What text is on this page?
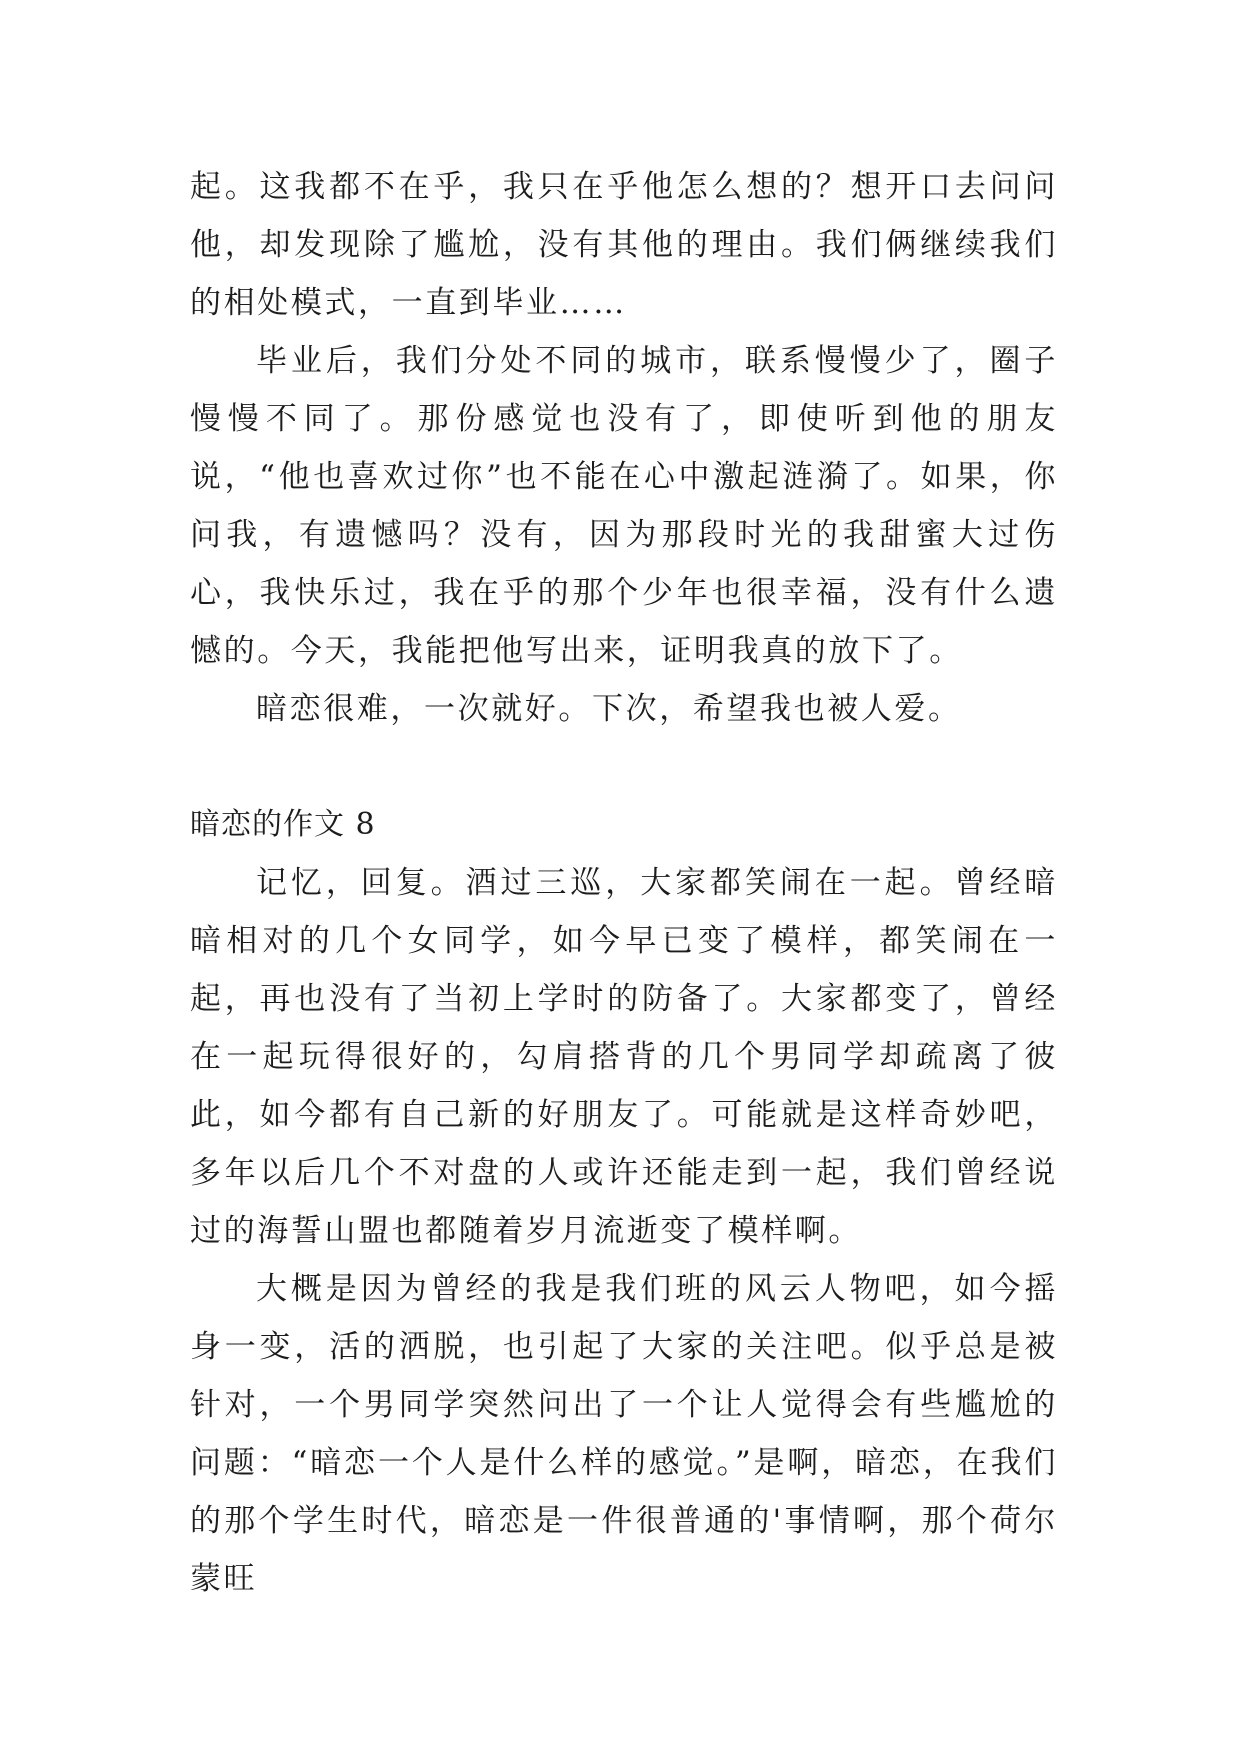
起。这我都不在乎，我只在乎他怎么想的？想开口去问问他，却发现除了尴尬，没有其他的理由。我们俩继续我们的相处模式，一直到毕业……

毕业后，我们分处不同的城市，联系慢慢少了，圈子慢慢不同了。那份感觉也没有了，即使听到他的朋友说，“他也喜欢过你”也不能在心中激起涟漪了。如果，你问我，有遗憾吗？没有，因为那段时光的我甜蜜大过伤心，我快乐过，我在乎的那个少年也很幸福，没有什么遗憾的。今天，我能把他写出来，证明我真的放下了。

暗恋很难，一次就好。下次，希望我也被人爱。

暗恋的作文 8

记忆，回复。酒过三巡，大家都笑闹在一起。曾经暗暗相对的几个女同学，如今早已变了模样，都笑闹在一起，再也没有了当初上学时的防备了。大家都变了，曾经在一起玩得很好的，勾肩搭背的几个男同学却疏离了彼此，如今都有自己新的好朋友了。可能就是这样奇妙吧， 多年以后几个不对盘的人或许还能走到一起，我们曾经说过的海誓山盟也都随着岁月流逝变了模样啊。

大概是因为曾经的我是我们班的风云人物吧，如今摇身一变，活的洒脱，也引起了大家的关注吧。似乎总是被针对，一个男同学突然问出了一个让人觉得会有些尴尬的问题：“暗恋一个人是什么样的感觉。”是啊，暗恋，在我们的那个学生时代，暗恋是一件很普通的'事情啊，那个荷尔蒙旺
